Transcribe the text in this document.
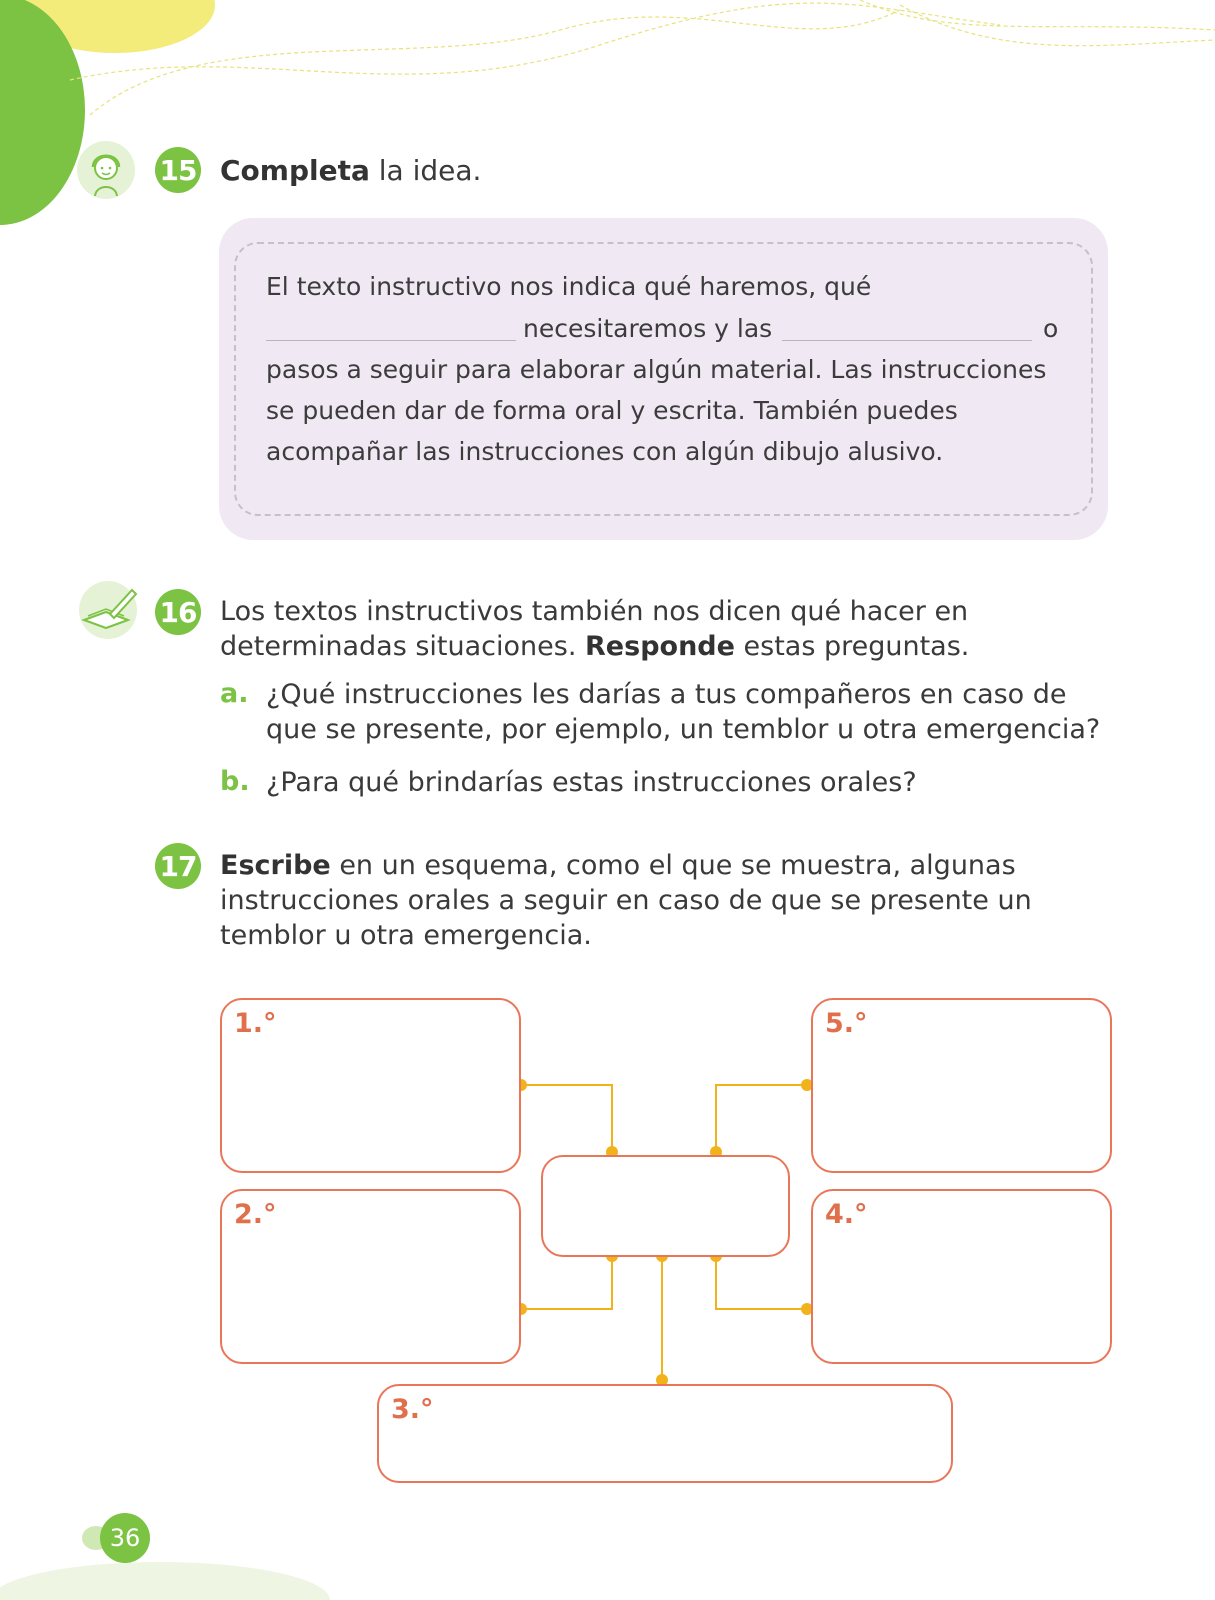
15 Completa la idea.
El texto instructivo nos indica qué haremos, qué
necesitaremos y las	o
pasos a seguir para elaborar algún material. Las instrucciones
se pueden dar de forma oral y escrita. También puedes
acompañar las instrucciones con algún dibujo alusivo.
16 Los textos instructivos también nos dicen qué hacer en
determinadas situaciones. Responde estas preguntas.
a. ¿Qué instrucciones les darías a tus compañeros en caso de
que se presente, por ejemplo, un temblor u otra emergencia?
b. ¿Para qué brindarías estas instrucciones orales?
17 Escribe en un esquema, como el que se muestra, algunas
instrucciones orales a seguir en caso de que se presente un
temblor u otra emergencia.
1.°	5.°
2.°	4.°
3.°
36
